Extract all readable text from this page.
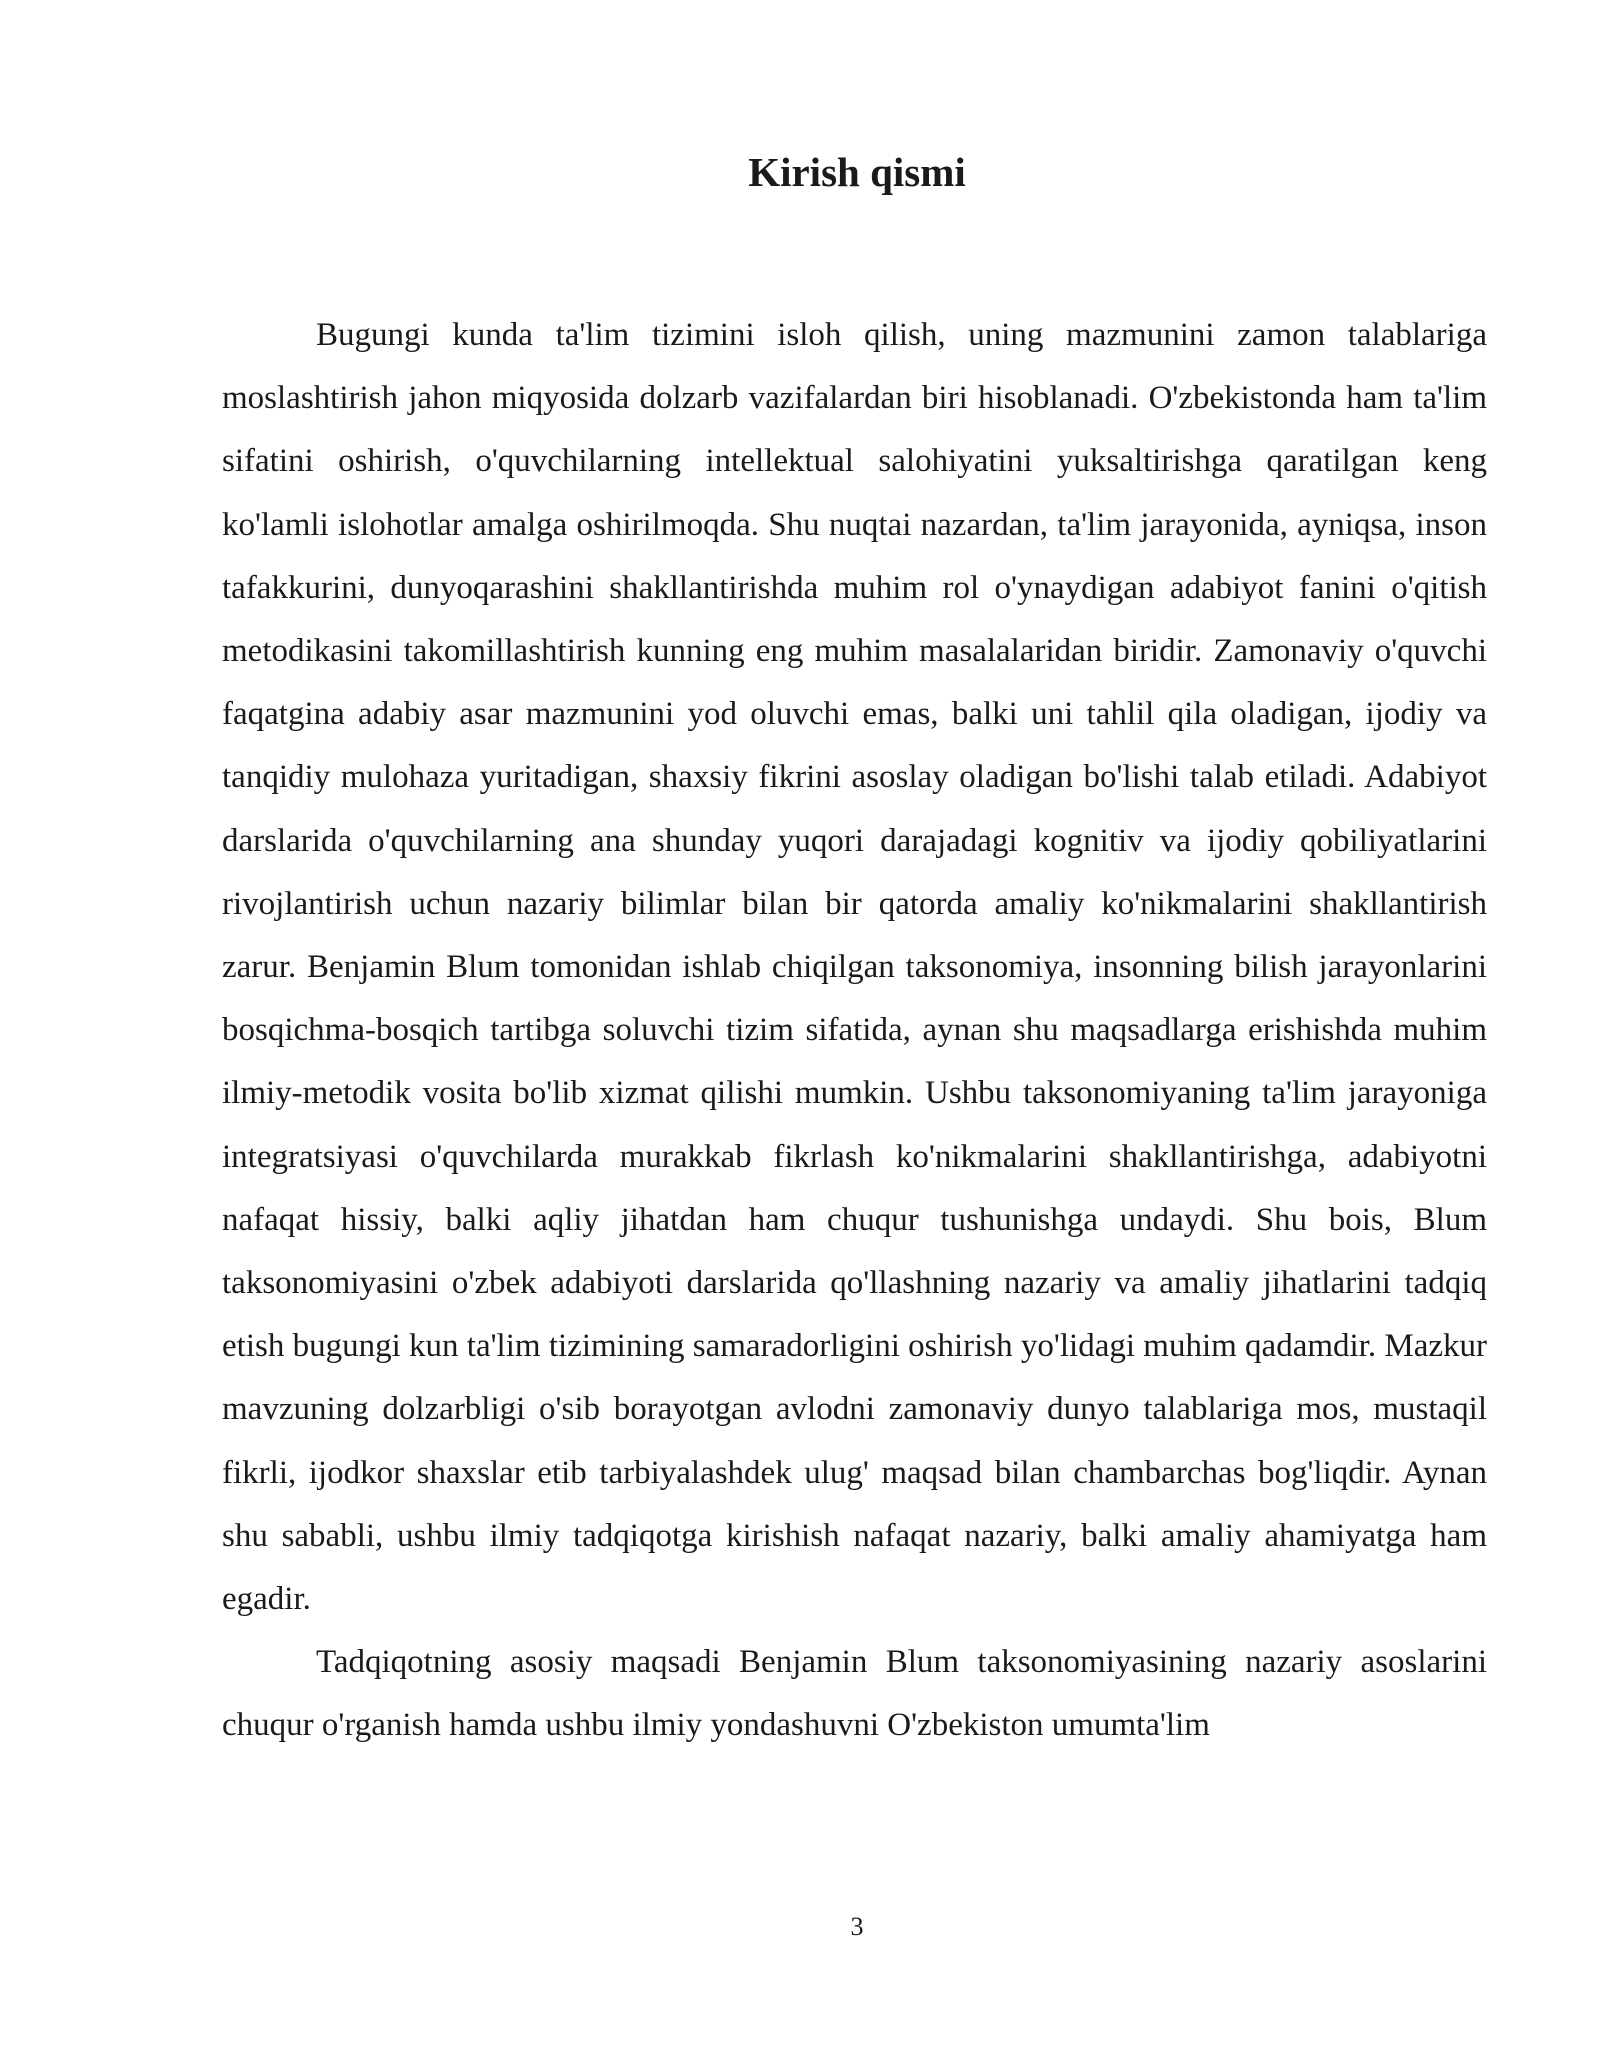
Kirish qismi

Bugungi kunda ta'lim tizimini isloh qilish, uning mazmunini zamon talablariga moslashtirish jahon miqyosida dolzarb vazifalardan biri hisoblanadi. O'zbekistonda ham ta'lim sifatini oshirish, o'quvchilarning intellektual salohiyatini yuksaltirishga qaratilgan keng ko'lamli islohotlar amalga oshirilmoqda. Shu nuqtai nazardan, ta'lim jarayonida, ayniqsa, inson tafakkurini, dunyoqarashini shakllantirishda muhim rol o'ynaydigan adabiyot fanini o'qitish metodikasini takomillashtirish kunning eng muhim masalalaridan biridir. Zamonaviy o'quvchi faqatgina adabiy asar mazmunini yod oluvchi emas, balki uni tahlil qila oladigan, ijodiy va tanqidiy mulohaza yuritadigan, shaxsiy fikrini asoslay oladigan bo'lishi talab etiladi. Adabiyot darslarida o'quvchilarning ana shunday yuqori darajadagi kognitiv va ijodiy qobiliyatlarini rivojlantirish uchun nazariy bilimlar bilan bir qatorda amaliy ko'nikmalarini shakllantirish zarur. Benjamin Blum tomonidan ishlab chiqilgan taksonomiya, insonning bilish jarayonlarini bosqichma-bosqich tartibga soluvchi tizim sifatida, aynan shu maqsadlarga erishishda muhim ilmiy-metodik vosita bo'lib xizmat qilishi mumkin. Ushbu taksonomiyaning ta'lim jarayoniga integratsiyasi o'quvchilarda murakkab fikrlash ko'nikmalarini shakllantirishga, adabiyotni nafaqat hissiy, balki aqliy jihatdan ham chuqur tushunishga undaydi. Shu bois, Blum taksonomiyasini o'zbek adabiyoti darslarida qo'llashning nazariy va amaliy jihatlarini tadqiq etish bugungi kun ta'lim tizimining samaradorligini oshirish yo'lidagi muhim qadamdir. Mazkur mavzuning dolzarbligi o'sib borayotgan avlodni zamonaviy dunyo talablariga mos, mustaqil fikrli, ijodkor shaxslar etib tarbiyalashdek ulug' maqsad bilan chambarchas bog'liqdir. Aynan shu sababli, ushbu ilmiy tadqiqotga kirishish nafaqat nazariy, balki amaliy ahamiyatga ham egadir.

Tadqiqotning asosiy maqsadi Benjamin Blum taksonomiyasining nazariy asoslarini chuqur o'rganish hamda ushbu ilmiy yondashuvni O'zbekiston umumta'lim

3
